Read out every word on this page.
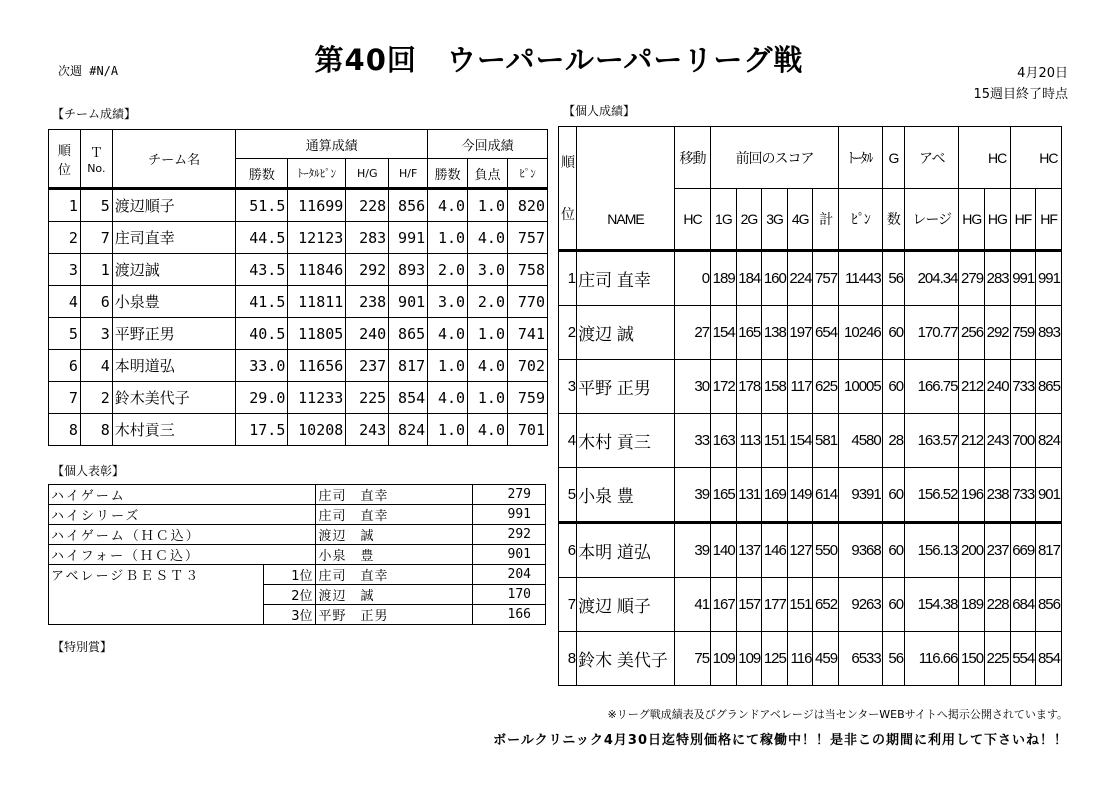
次週 #N/A	第40回　ウーパールーパーリーグ戦	4月20日
15週目終了時点
【チーム成績】
順
位	Ｔ
No.	チーム名	通算成績				今回成績		
			勝数	ﾄｰﾀﾙﾋﾟﾝ	H/G	H/F	勝数	負点	ﾋﾟﾝ
1	5	渡辺順子	51.5	11699	228	856	4.0	1.0	820
2	7	庄司直幸	44.5	12123	283	991	1.0	4.0	757
3	1	渡辺誠	43.5	11846	292	893	2.0	3.0	758
4	6	小泉豊	41.5	11811	238	901	3.0	2.0	770
5	3	平野正男	40.5	11805	240	865	4.0	1.0	741
6	4	本明道弘	33.0	11656	237	817	1.0	4.0	702
7	2	鈴木美代子	29.0	11233	225	854	4.0	1.0	759
8	8	木村貢三	17.5	10208	243	824	1.0	4.0	701
【個人表彰】
ハイゲーム		庄司　直幸	279
ハイシリーズ		庄司　直幸	991
ハイゲーム（ＨＣ込）		渡辺　誠	292
ハイフォー（ＨＣ込）		小泉　豊	901
アベレージＢＥＳＴ３	1位	庄司　直幸	204
	2位	渡辺　誠	170
	3位	平野　正男	166
【特別賞】
【個人成績】
順

位		移動	前回のスコア					ﾄｰﾀﾙ	G	アベ		HC		HC
	NAME	HC	1G	2G	3G	4G	計	ﾋﾟﾝ	数	レージ	HG	HG	HF	HF
1	庄司 直幸	0	189	184	160	224	757	11443	56	204.34	279	283	991	991
2	渡辺 誠	27	154	165	138	197	654	10246	60	170.77	256	292	759	893
3	平野 正男	30	172	178	158	117	625	10005	60	166.75	212	240	733	865
4	木村 貢三	33	163	113	151	154	581	4580	28	163.57	212	243	700	824
5	小泉 豊	39	165	131	169	149	614	9391	60	156.52	196	238	733	901
6	本明 道弘	39	140	137	146	127	550	9368	60	156.13	200	237	669	817
7	渡辺 順子	41	167	157	177	151	652	9263	60	154.38	189	228	684	856
8	鈴木 美代子	75	109	109	125	116	459	6533	56	116.66	150	225	554	854
※リーグ戦成績表及びグランドアベレージは当センターWEBサイトへ掲示公開されています。
ボールクリニック4月30日迄特別価格にて稼働中！！是非この期間に利用して下さいね！！
